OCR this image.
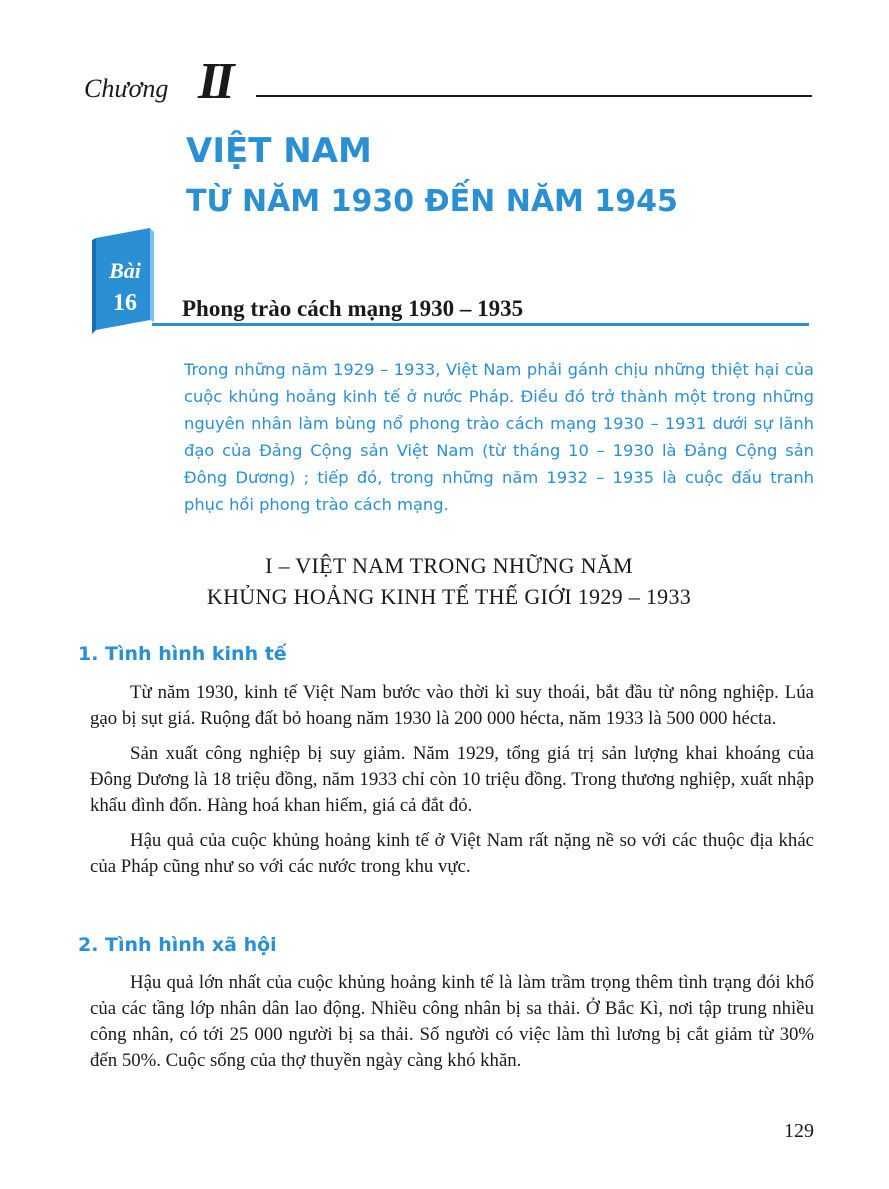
Chương II
VIỆT NAM
TỪ NĂM 1930 ĐẾN NĂM 1945
Bài
16	Phong trào cách mạng 1930 – 1935

Trong những năm 1929 – 1933, Việt Nam phải gánh chịu những thiệt hại của cuộc khủng hoảng kinh tế ở nước Pháp. Điều đó trở thành một trong những nguyên nhân làm bùng nổ phong trào cách mạng 1930 – 1931 dưới sự lãnh đạo của Đảng Cộng sản Việt Nam (từ tháng 10 – 1930 là Đảng Cộng sản Đông Dương) ; tiếp đó, trong những năm 1932 – 1935 là cuộc đấu tranh phục hồi phong trào cách mạng.

I – VIỆT NAM TRONG NHỮNG NĂM
KHỦNG HOẢNG KINH TẾ THẾ GIỚI 1929 – 1933
1. Tình hình kinh tế

Từ năm 1930, kinh tế Việt Nam bước vào thời kì suy thoái, bắt đầu từ nông nghiệp. Lúa gạo bị sụt giá. Ruộng đất bỏ hoang năm 1930 là 200 000 hécta, năm 1933 là 500 000 hécta.

Sản xuất công nghiệp bị suy giảm. Năm 1929, tổng giá trị sản lượng khai khoáng của Đông Dương là 18 triệu đồng, năm 1933 chỉ còn 10 triệu đồng. Trong thương nghiệp, xuất nhập khẩu đình đốn. Hàng hoá khan hiếm, giá cả đắt đỏ.

Hậu quả của cuộc khủng hoảng kinh tế ở Việt Nam rất nặng nề so với các thuộc địa khác của Pháp cũng như so với các nước trong khu vực.

2. Tình hình xã hội

Hậu quả lớn nhất của cuộc khủng hoảng kinh tế là làm trầm trọng thêm tình trạng đói khổ của các tầng lớp nhân dân lao động. Nhiều công nhân bị sa thải. Ở Bắc Kì, nơi tập trung nhiều công nhân, có tới 25 000 người bị sa thải. Số người có việc làm thì lương bị cắt giảm từ 30% đến 50%. Cuộc sống của thợ thuyền ngày càng khó khăn.

129
